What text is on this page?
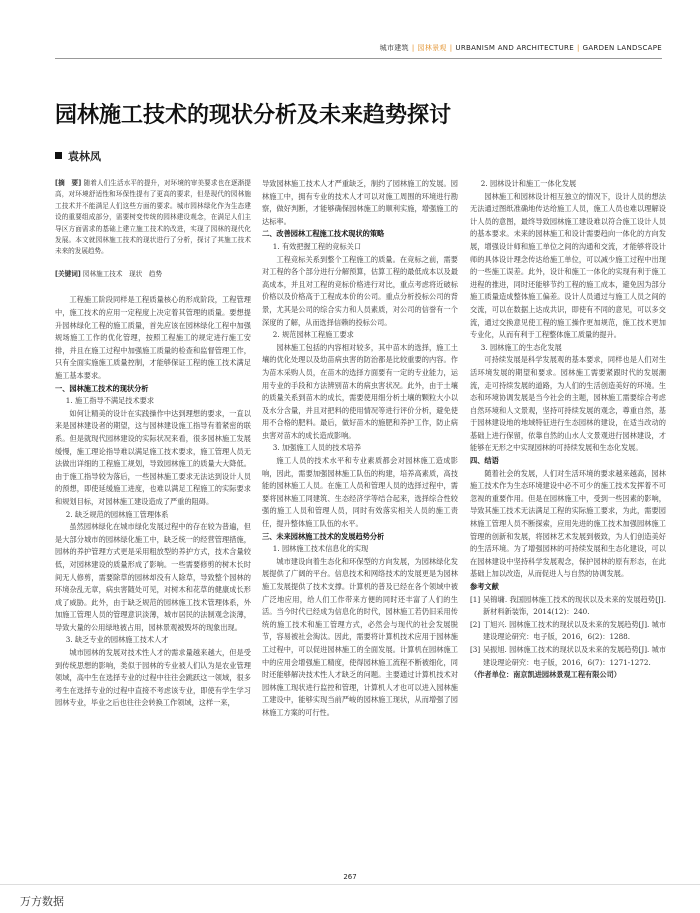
城市建筑 | 园林景观 | URBANISM AND ARCHITECTURE | GARDEN LANDSCAPE
园林施工技术的现状分析及未来趋势探讨
袁林凤

[摘　要] 随着人们生活水平的提升，对环境的审美要求也在逐渐提高，对环境舒适性和环保性提有了更高的要求，但是现代的园林施工技术并不能满足人们这些方面的要求。城市园林绿化作为生态建设的重要组成部分，需要树变传统的园林建设观念，在满足人们主导区方面需求的基础上建立施工技术的改进，实现了园林的现代化发展。本文就园林施工技术的现状进行了分析，探讨了其施工技术未来的发展趋势。

[关键词] 园林施工技术　现状　趋势

工程施工阶段同样是工程质量核心的形成阶段，工程管理中，施工技术的应用一定程度上决定着其管理的质量。要想提升园林绿化工程的施工质量，首先应该在园林绿化工程中加强规场施工工作的优化管理，按照工程施工的规定进行施工安排，并且在施工过程中加强施工质量的检查和监督管理工作，只有全面实施施工质量控制，才能够保证工程的施工技术满足施工基本要求。

一、园林施工技术的现状分析

1. 施工指导不满足技术要求

如何让精美的设计在实践操作中达到理想的要求，一直以来是园林建设者的期望，这与园林建设施工指导有着紧密的联系。但是就现代园林建设的实际状况来看，很多园林施工发展缓慢，施工理论指导难以满足施工技术要求，施工管理人员无法做出详细的工程施工规划，导致园林施工的质量大大降低。由于施工指导较为落后，一些园林施工要求无法达到设计人员的预想，即使延缓施工进度，也难以满足工程施工的实际要求和规划目标，对园林施工建设造成了严重的阻碍。

2. 缺乏规范的园林施工管理体系

虽然园林绿化在城市绿化发展过程中的存在较为普遍，但是大部分城市的园林绿化施工中，缺乏统一的经营管理措施，园林的养护管理方式更是采用粗放型的养护方式，技术含量较低，对园林建设的质量形成了影响。一些需要修剪的树木长时间无人修剪，需要除草的园林却没有人除草，导致整个园林的环境杂乱无章，病虫害随处可见，对树木和花草的健康成长形成了威胁。此外，由于缺乏规范的园林施工技术管理体系，外加施工管理人员的管理意识淡薄，城市居民的法制观念淡薄，导致大量的公用绿地被占用，园林景观被毁坏的现象出现。

3. 缺乏专业的园林施工技术人才

城市园林的发展对技术性人才的需求量越来越大，但是受到传统思想的影响，类似于园林的专业被人们认为是农业管理领域，高中生在选择专业的过程中往往会跳跃这一领域，很多考生在选择专业的过程中直接不考虑该专业，即使有学生学习园林专业，毕业之后也往往会转换工作领域，这样一来，

导致园林施工技术人才严重缺乏，制约了园林施工的发展。园林施工中，拥有专业的技术人才可以对施工周围的环境进行勘察，做好判断，才能够确保园林施工的顺利实施，增强施工的达标率。

二、改善园林工程施工技术现状的策略

1. 有效把握工程的竞标关口

工程竞标关系到整个工程施工的质量。在竞标之前，需要对工程的各个部分进行分解预算，估算工程的最低成本以及最高成本，并且对工程的竞标价格进行对比，重点考虑将近破标价格以及价格高于工程成本价的公司。重点分析投标公司的背景，尤其是公司的综合实力和人员素质，对公司的信誉有一个深度的了解，从而选择信赖的投标公司。

2. 规范园林工程施工要求

园林施工包括的内容相对较多，其中苗木的选择，施工土壤的优化处理以及幼苗病虫害的防治都是比较重要的内容。作为苗木采购人员，在苗木的选择方面要有一定的专业能力，运用专业的手段和方法辨别苗木的病虫害状况。此外，由于土壤的质量关系到苗木的成长，需要使用细分析土壤的颗粒大小以及水分含量，并且对把料的使用情况等进行评价分析，避免使用不合格的肥料。最后，做好苗木的施肥和养护工作，防止病虫害对苗木的成长造成影响。

3. 加强施工人员的技术培养

施工人员的技术水平和专业素质都会对园林施工造成影响，因此，需要加强园林施工队伍的构建，培养高素质，高技能的园林施工人员。在施工人员和管理人员的选择过程中，需要将园林施工同建筑、生态经济学等结合起来，选择综合性较强的施工人员和管理人员，同时有效落实相关人员的施工责任，提升整体施工队伍的水平。

三、未来园林施工技术的发展趋势分析

1. 园林施工技术信息化的实现

城市建设向着生态化和环保型的方向发展，为园林绿化发展提供了广阔的平台。信息技术和网络技术的发展更是为园林施工发展提供了技术支撑。计算机的普及已经在各个领域中被广泛地应用，给人们工作带来方便的同时还丰富了人们的生活。当今时代已经成为信息化的时代，园林施工若仍旧采用传统的施工技术和施工管理方式，必然会与现代的社会发展脱节，容易被社会淘汰。因此，需要将计算机技术应用于园林施工过程中，可以促进园林施工的全面发展。计算机在园林施工中的应用会增强施工精度，使得园林施工流程不断被细化，同时还能够解决技术性人才缺乏的问题。主要通过计算机技术对园林施工现状进行监控和管理，计算机人才也可以进入园林施工建设中，能够实现当前严峻的园林施工现状，从而增强了园林施工方案的可行性。

2. 园林设计和施工一体化发展

园林施工和园林设计相互独立的情况下，设计人员的想法无法通过图纸准确地传达给施工人员，施工人员也难以理解设计人员的意图，最终导致园林施工建设难以符合施工设计人员的基本要求。未来的园林施工和设计需要趋向一体化的方向发展，增强设计师和施工单位之间的沟通和交流，才能够将设计师的具体设计理念传达给施工单位，可以减少施工过程中出现的一些施工误差。此外，设计和施工一体化的实现有利于施工进程的推进，同时还能够节约工程的施工成本，避免因为部分施工质量造成整体施工偏差。设计人员通过与施工人员之间的交流，可以在数据上达成共识，即使有不同的意见，可以多交流，通过交换意见使工程的施工操作更加规范，施工技术更加专业化，从而有利于工程整体施工质量的提升。

3. 园林施工的生态化发展

可持续发展是科学发展观的基本要求，同样也是人们对生活环境发展的期望和要求。园林施工需要紧跟时代的发展潮流，走可持续发展的道路，为人们的生活创造美好的环境。生态和环境协调发展是当今社会的主题，园林施工需要综合考虑自然环境和人文景观，坚持可持续发展的观念，尊重自然，基于园林建设地的地域特征进行生态园林的建设，在适当改动的基础上进行保留，依靠自然的山水人文景观进行园林建设，才能够在无形之中实现园林的可持续发展和生态化发展。

四、结语

随着社会的发展，人们对生活环境的要求越来越高，园林施工技术作为生态环境建设中必不可少的施工技术发挥着不可忽视的重要作用。但是在园林施工中，受到一些因素的影响，导致其施工技术无法满足工程的实际施工要求，为此，需要园林施工管理人员不断探索，应用先进的施工技术加强园林施工管理的创新和发展，将园林艺术发展到极致，为人们创造美好的生活环境。为了增强园林的可持续发展和生态化建设，可以在园林建设中坚持科学发展观念，保护园林的原有形态，在此基础上加以改造，从而促进人与自然的协调发展。

参考文献

[1] 吴锦墉. 我国园林施工技术的现状以及未来的发展趋势[J]. 新材料新装饰，2014(12)：240.

[2] 丁旭兴. 园林施工技术的现状以及未来的发展趋势[J]. 城市建设理论研究：电子版，2016，6(2)：1288.

[3] 吴振旭. 园林施工技术的现状以及未来的发展趋势[J]. 城市建设理论研究：电子版，2016，6(7)：1271-1272.

（作者单位：南京凯进园林景观工程有限公司）

267
万方数据
